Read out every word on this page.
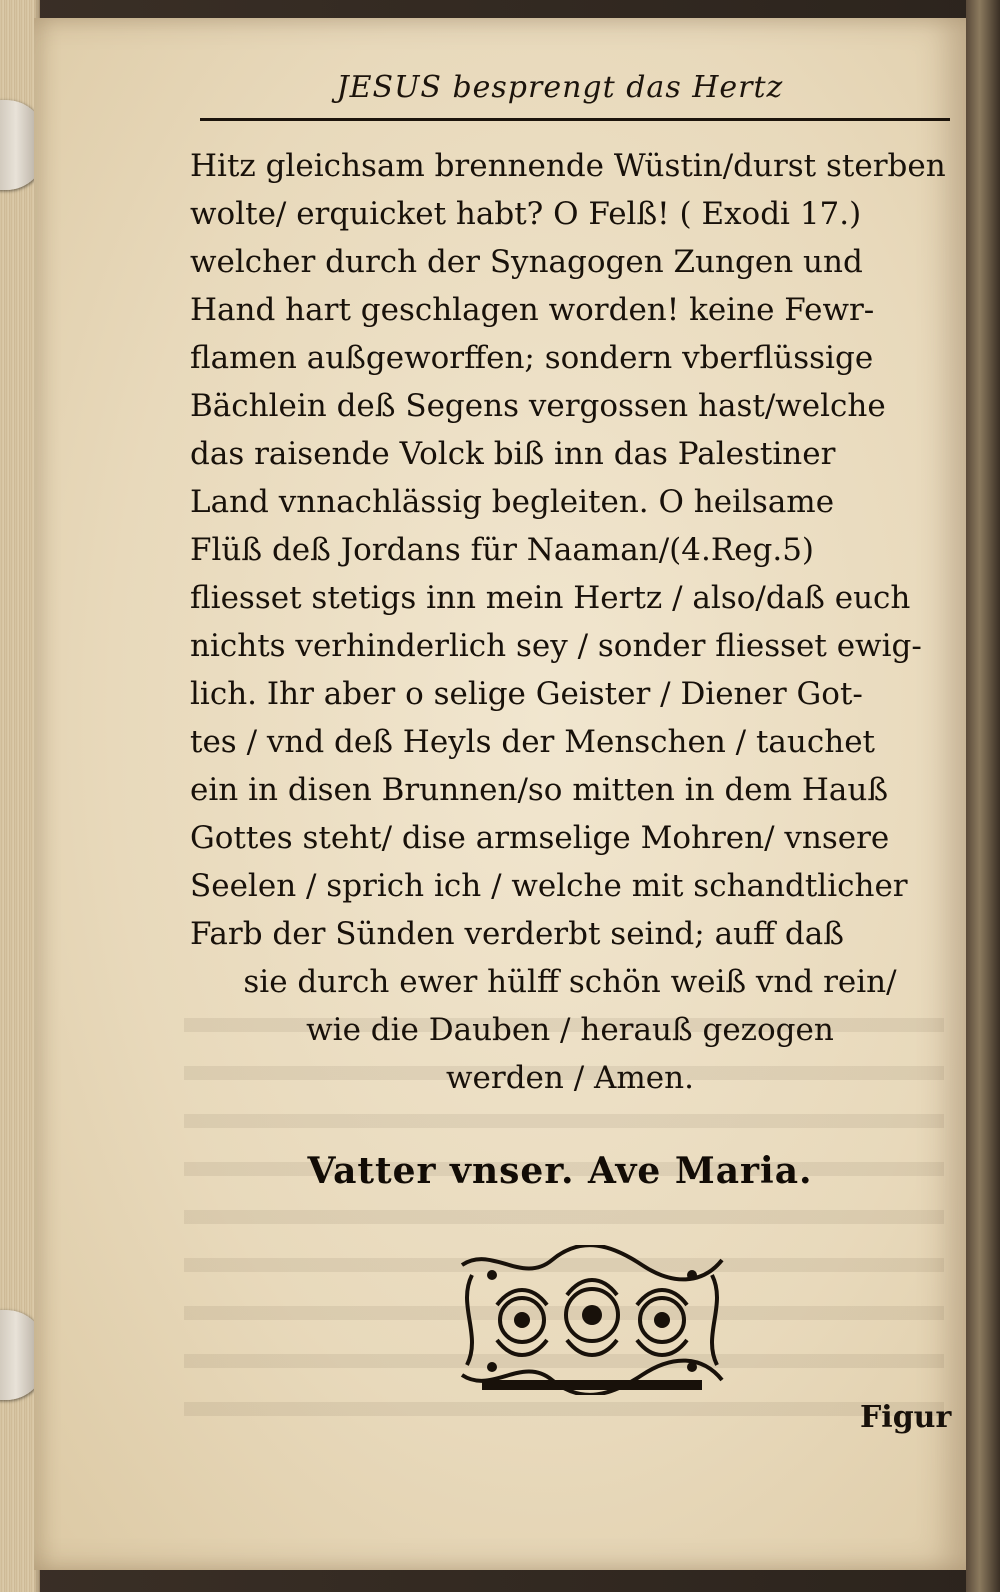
JESUS besprengt das Hertz
Hitz gleichsam brennende Wüstin/durst sterben
wolte/ erquicket habt? O Felß! ( Exodi 17.)
welcher durch der Synagogen Zungen und
Hand hart geschlagen worden! keine Fewr-
flamen außgeworffen; sondern vberflüssige
Bächlein deß Segens vergossen hast/welche
das raisende Volck biß inn das Palestiner
Land vnnachlässig begleiten. O heilsame
Flüß deß Jordans für Naaman/(4.Reg.5)
fliesset stetigs inn mein Hertz / also/daß euch
nichts verhinderlich sey / sonder fliesset ewig-
lich. Ihr aber o selige Geister / Diener Got-
tes / vnd deß Heyls der Menschen / tauchet
ein in disen Brunnen/so mitten in dem Hauß
Gottes steht/ dise armselige Mohren/ vnsere
Seelen / sprich ich / welche mit schandtlicher
Farb der Sünden verderbt seind; auff daß
sie durch ewer hülff schön weiß vnd rein/
wie die Dauben / herauß gezogen
werden / Amen.
Vatter vnser. Ave Maria.
Figur
